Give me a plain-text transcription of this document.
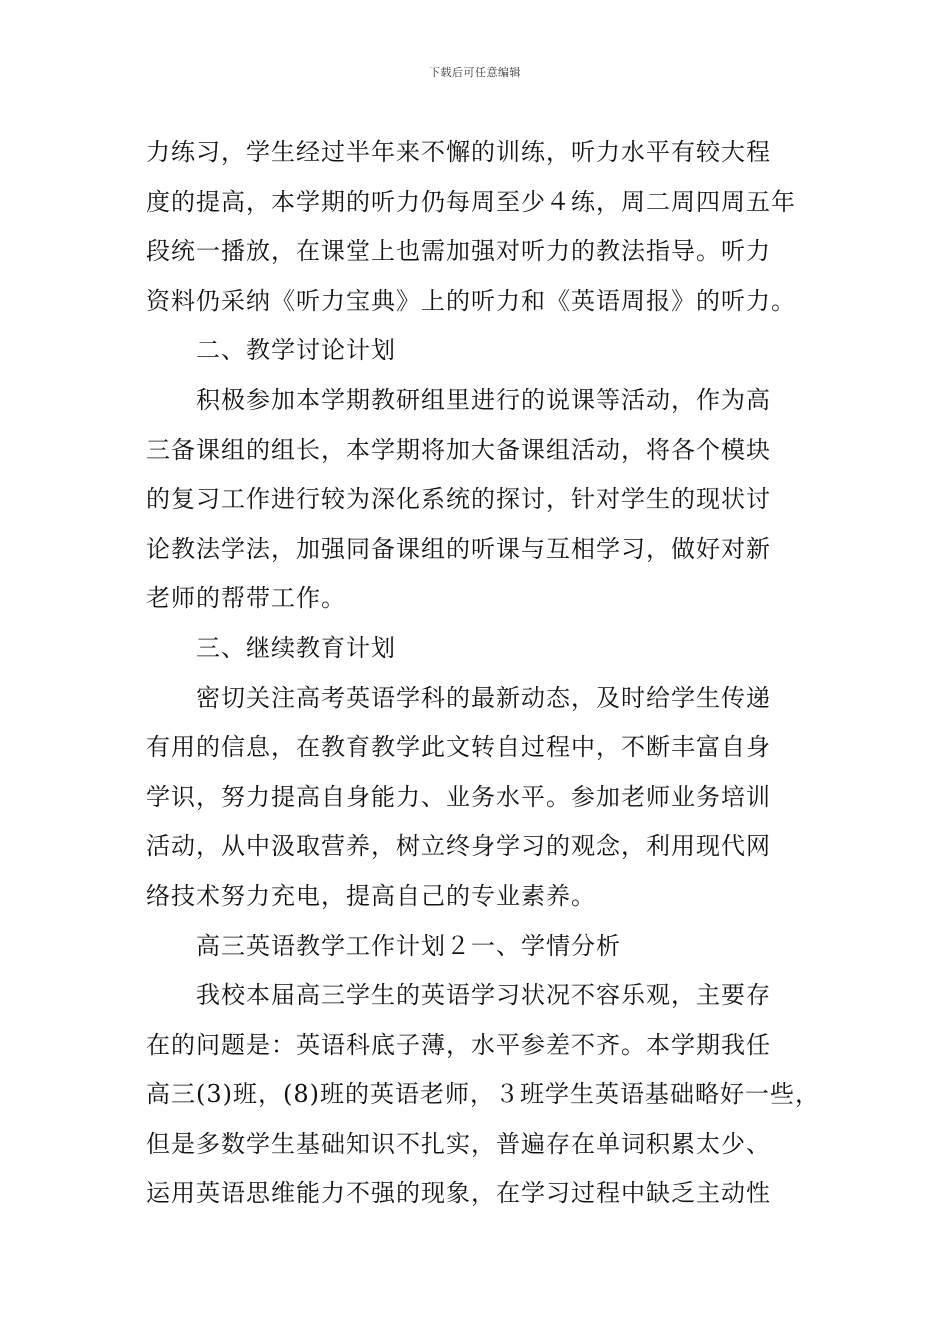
下载后可任意编辑
力练习，学生经过半年来不懈的训练，听力水平有较大程
度的提高，本学期的听力仍每周至少４练，周二周四周五年
段统一播放，在课堂上也需加强对听力的教法指导。听力
资料仍采纳《听力宝典》上的听力和《英语周报》的听力。
二、教学讨论计划
积极参加本学期教研组里进行的说课等活动，作为高
三备课组的组长，本学期将加大备课组活动，将各个模块
的复习工作进行较为深化系统的探讨，针对学生的现状讨
论教法学法，加强同备课组的听课与互相学习，做好对新
老师的帮带工作。
三、继续教育计划
密切关注高考英语学科的最新动态，及时给学生传递
有用的信息，在教育教学此文转自过程中，不断丰富自身
学识，努力提高自身能力、业务水平。参加老师业务培训
活动，从中汲取营养，树立终身学习的观念，利用现代网
络技术努力充电，提高自己的专业素养。
高三英语教学工作计划２一、学情分析
我校本届高三学生的英语学习状况不容乐观，主要存
在的问题是：英语科底子薄，水平参差不齐。本学期我任
高三(3)班，(8)班的英语老师，３班学生英语基础略好一些，
但是多数学生基础知识不扎实，普遍存在单词积累太少、
运用英语思维能力不强的现象，在学习过程中缺乏主动性
